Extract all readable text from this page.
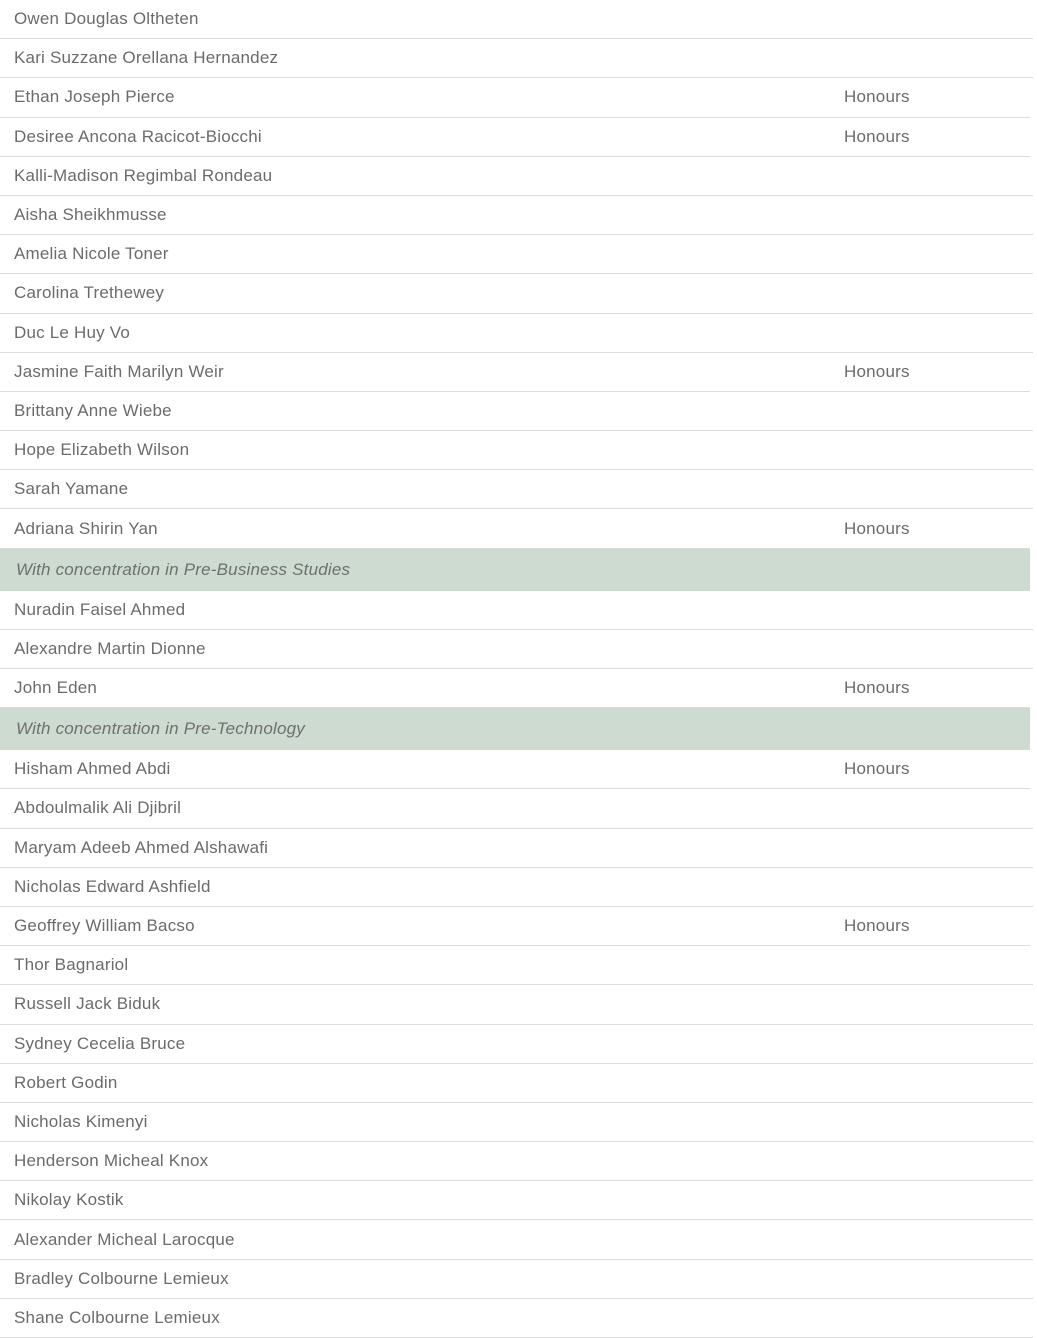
Owen Douglas Oltheten
Kari Suzzane Orellana Hernandez
Ethan Joseph Pierce	Honours
Desiree Ancona Racicot-Biocchi	Honours
Kalli-Madison Regimbal Rondeau
Aisha Sheikhmusse
Amelia Nicole Toner
Carolina Trethewey
Duc Le Huy Vo
Jasmine Faith Marilyn Weir	Honours
Brittany Anne Wiebe
Hope Elizabeth Wilson
Sarah Yamane
Adriana Shirin Yan	Honours
With concentration in Pre-Business Studies
Nuradin Faisel Ahmed
Alexandre Martin Dionne
John Eden	Honours
With concentration in Pre-Technology
Hisham Ahmed Abdi	Honours
Abdoulmalik Ali Djibril
Maryam Adeeb Ahmed Alshawafi
Nicholas Edward Ashfield
Geoffrey William Bacso	Honours
Thor Bagnariol
Russell Jack Biduk
Sydney Cecelia Bruce
Robert Godin
Nicholas Kimenyi
Henderson Micheal Knox
Nikolay Kostik
Alexander Micheal Larocque
Bradley Colbourne Lemieux
Shane Colbourne Lemieux
